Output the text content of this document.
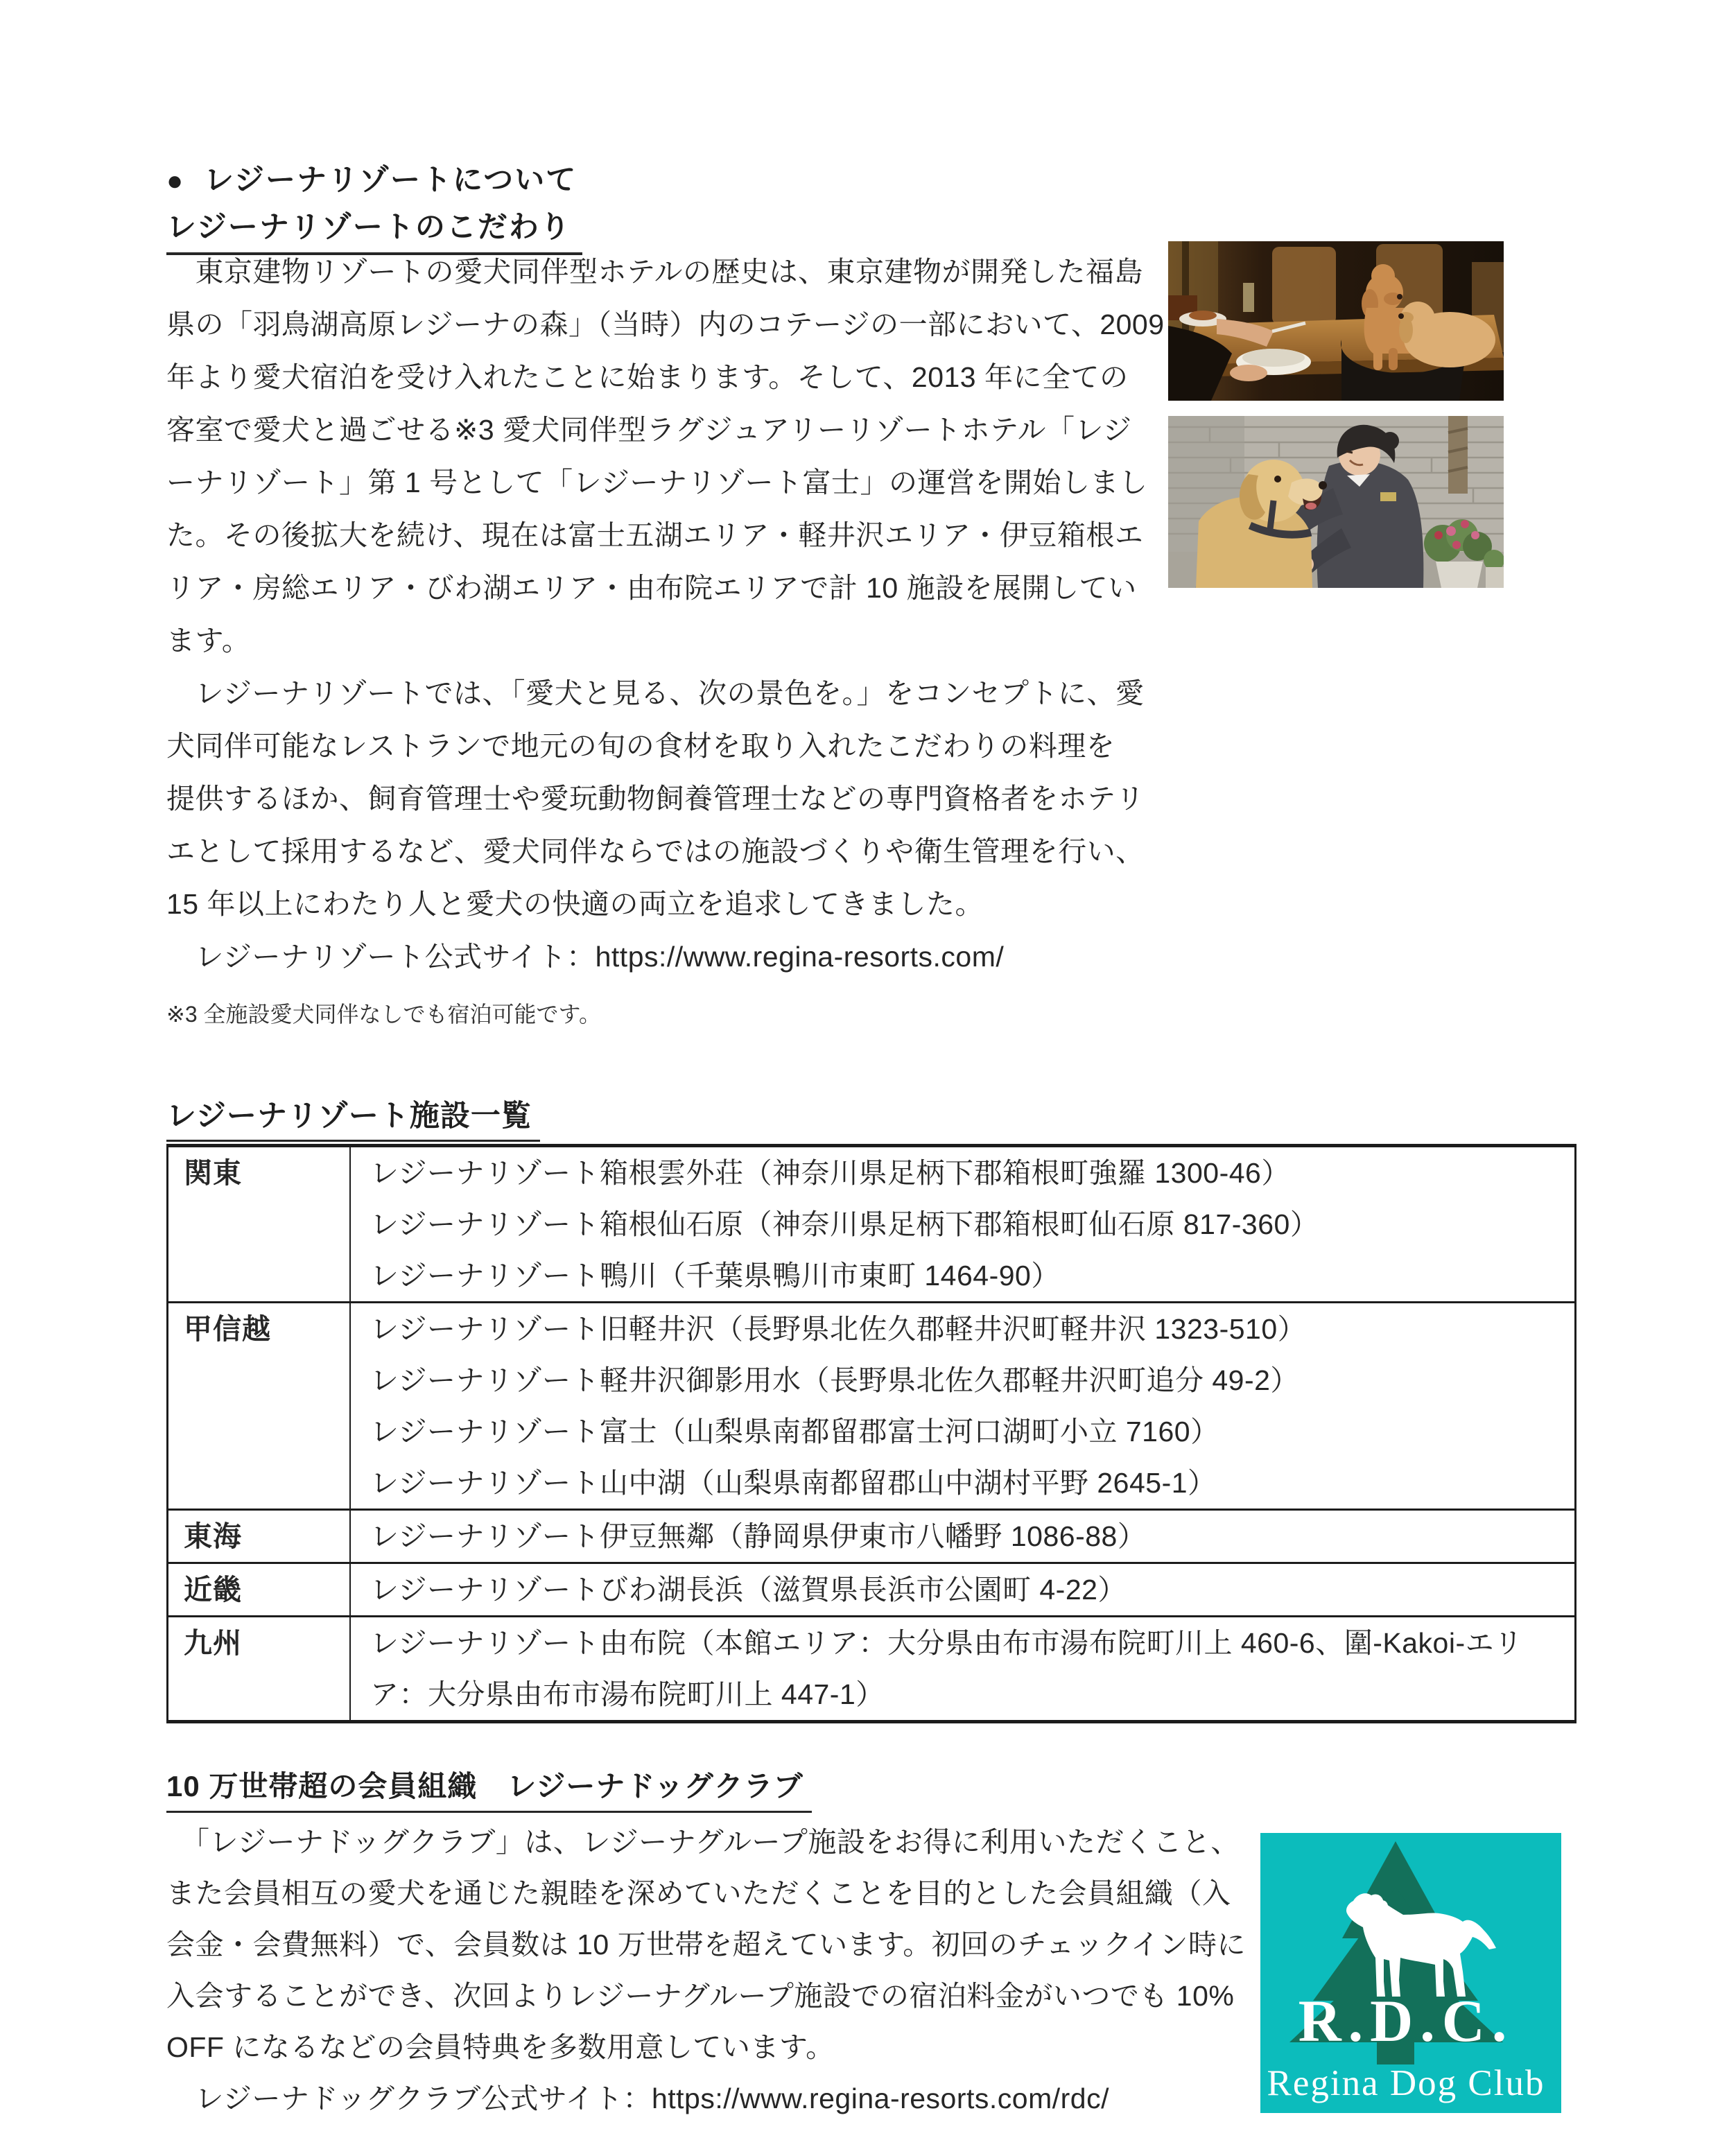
● レジーナリゾートについて
レジーナリゾートのこだわり
　東京建物リゾートの愛犬同伴型ホテルの歴史は、東京建物が開発した福島
県の「羽鳥湖高原レジーナの森」（当時）内のコテージの一部において、2009
年より愛犬宿泊を受け入れたことに始まります。そして、2013 年に全ての
客室で愛犬と過ごせる※3 愛犬同伴型ラグジュアリーリゾートホテル「レジ
ーナリゾート」第 1 号として「レジーナリゾート富士」の運営を開始しまし
た。その後拡大を続け、現在は富士五湖エリア・軽井沢エリア・伊豆箱根エ
リア・房総エリア・びわ湖エリア・由布院エリアで計 10 施設を展開してい
ます。
　レジーナリゾートでは、「愛犬と見る、次の景色を。」をコンセプトに、愛
犬同伴可能なレストランで地元の旬の食材を取り入れたこだわりの料理を
提供するほか、飼育管理士や愛玩動物飼養管理士などの専門資格者をホテリ
エとして採用するなど、愛犬同伴ならではの施設づくりや衛生管理を行い、
15 年以上にわたり人と愛犬の快適の両立を追求してきました。
　レジーナリゾート公式サイト：https://www.regina-resorts.com/
※3 全施設愛犬同伴なしでも宿泊可能です。
レジーナリゾート施設一覧
関東	レジーナリゾート箱根雲外荘（神奈川県足柄下郡箱根町強羅 1300-46）
レジーナリゾート箱根仙石原（神奈川県足柄下郡箱根町仙石原 817-360）
レジーナリゾート鴨川（千葉県鴨川市東町 1464-90）
甲信越	レジーナリゾート旧軽井沢（長野県北佐久郡軽井沢町軽井沢 1323-510）
レジーナリゾート軽井沢御影用水（長野県北佐久郡軽井沢町追分 49-2）
レジーナリゾート富士（山梨県南都留郡富士河口湖町小立 7160）
レジーナリゾート山中湖（山梨県南都留郡山中湖村平野 2645-1）
東海	レジーナリゾート伊豆無鄰（静岡県伊東市八幡野 1086-88）
近畿	レジーナリゾートびわ湖長浜（滋賀県長浜市公園町 4-22）
九州	レジーナリゾート由布院（本館エリア：大分県由布市湯布院町川上 460-6、圍-Kakoi-エリ
ア：大分県由布市湯布院町川上 447-1）
10 万世帯超の会員組織　レジーナドッグクラブ
　「レジーナドッグクラブ」は、レジーナグループ施設をお得に利用いただくこと、
また会員相互の愛犬を通じた親睦を深めていただくことを目的とした会員組織（入
会金・会費無料）で、会員数は 10 万世帯を超えています。初回のチェックイン時に
入会することができ、次回よりレジーナグループ施設での宿泊料金がいつでも 10%
OFF になるなどの会員特典を多数用意しています。
　レジーナドッグクラブ公式サイト：https://www.regina-resorts.com/rdc/
R.D.C.
Regina Dog Club
